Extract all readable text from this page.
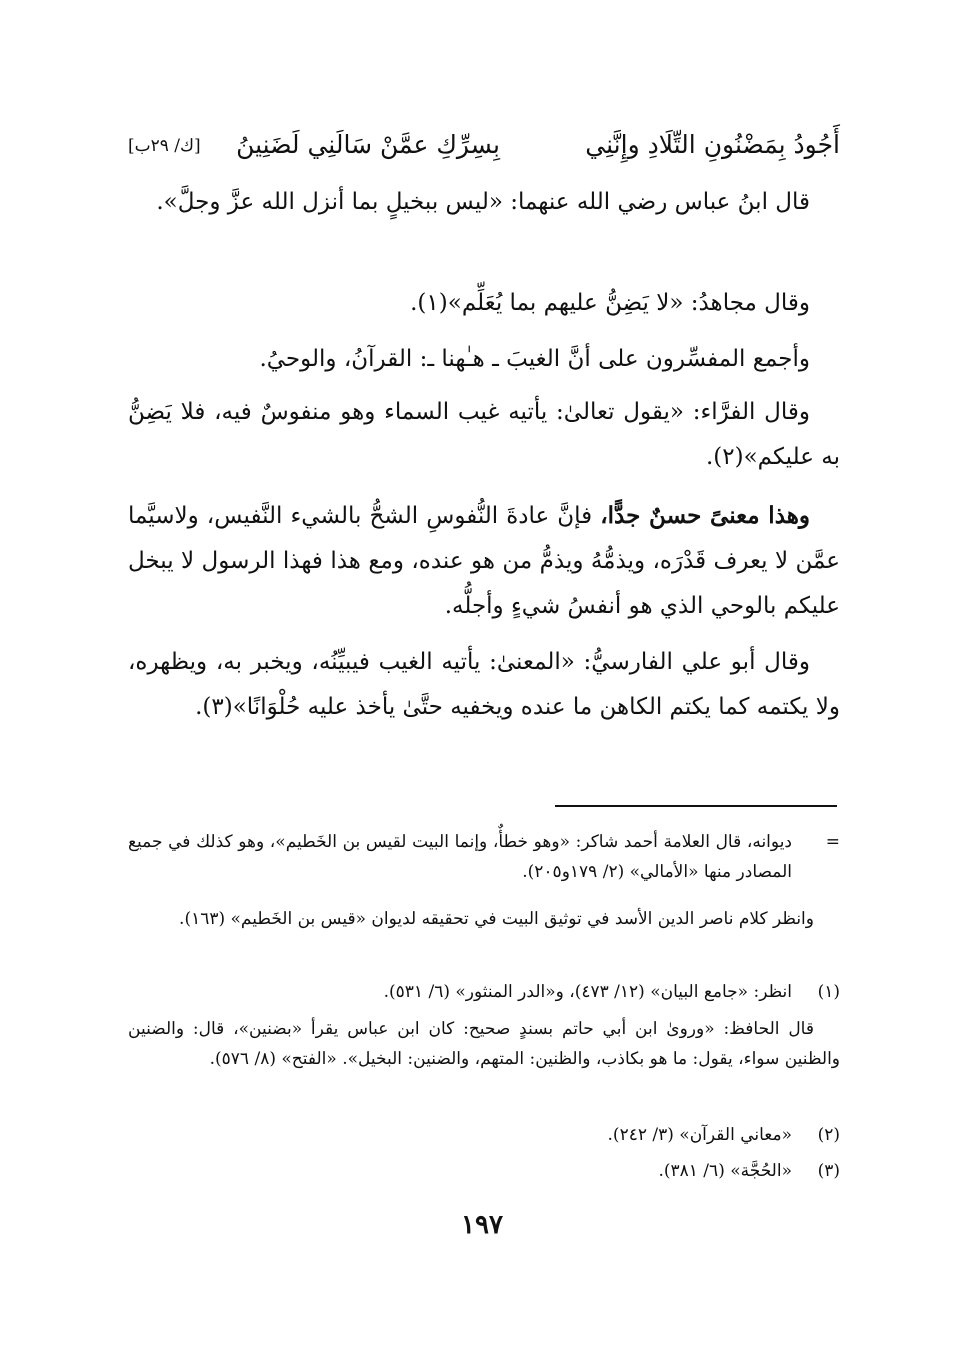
أَجُودُ بِمَضْنُونِ التِّلَادِ وإِنَّنِي
بِسِرِّكِ عمَّنْ سَالَنِي لَضَنِينُ
[ك/ ٢٩ب]

قال ابنُ عباس رضي الله عنهما: «ليس ببخيلٍ بما أنزل الله عزَّ وجلَّ».

وقال مجاهدُ: «لا يَضِنُّ عليهم بما يُعَلِّم»(١).

وأجمع المفسِّرون على أنَّ الغيبَ ـ هـٰهنا ـ: القرآنُ، والوحيُ.

وقال الفرَّاء: «يقول تعالىٰ: يأتيه غيب السماء وهو منفوسٌ فيه، فلا يَضِنُّ به عليكم»(٢).

وهذا معنىً حسنٌ جدًّا، فإنَّ عادةَ النُّفوسِ الشحُّ بالشيء النَّفيس، ولاسيَّما عمَّن لا يعرف قَدْرَه، ويذمُّهُ ويذمُّ من هو عنده، ومع هذا فهذا الرسول لا يبخل عليكم بالوحي الذي هو أنفسُ شيءٍ وأجلُّه.

وقال أبو علي الفارسيُّ: «المعنىٰ: يأتيه الغيب فيبيِّنُه، ويخبر به، ويظهره، ولا يكتمه كما يكتم الكاهن ما عنده ويخفيه حتَّىٰ يأخذ عليه حُلْوَانًا»(٣).

=
ديوانه، قال العلامة أحمد شاكر: «وهو خطأٌ، وإنما البيت لقيس بن الخَطيم»، وهو كذلك في جميع المصادر منها «الأمالي» (٢/ ١٧٩و٢٠٥).
وانظر كلام ناصر الدين الأسد في توثيق البيت في تحقيقه لديوان «قيس بن الخَطيم» (١٦٣).
(١)
انظر: «جامع البيان» (١٢/ ٤٧٣)، و«الدر المنثور» (٦/ ٥٣١).
قال الحافظ: «ورویٰ ابن أبي حاتم بسندٍ صحيح: كان ابن عباس يقرأ «بضنين»، قال: والضنين والظنين سواء، يقول: ما هو بكاذب، والظنين: المتهم، والضنين: البخيل». «الفتح» (٨/ ٥٧٦).
(٢)
«معاني القرآن» (٣/ ٢٤٢).
(٣)
«الحُجَّة» (٦/ ٣٨١).
١٩٧
